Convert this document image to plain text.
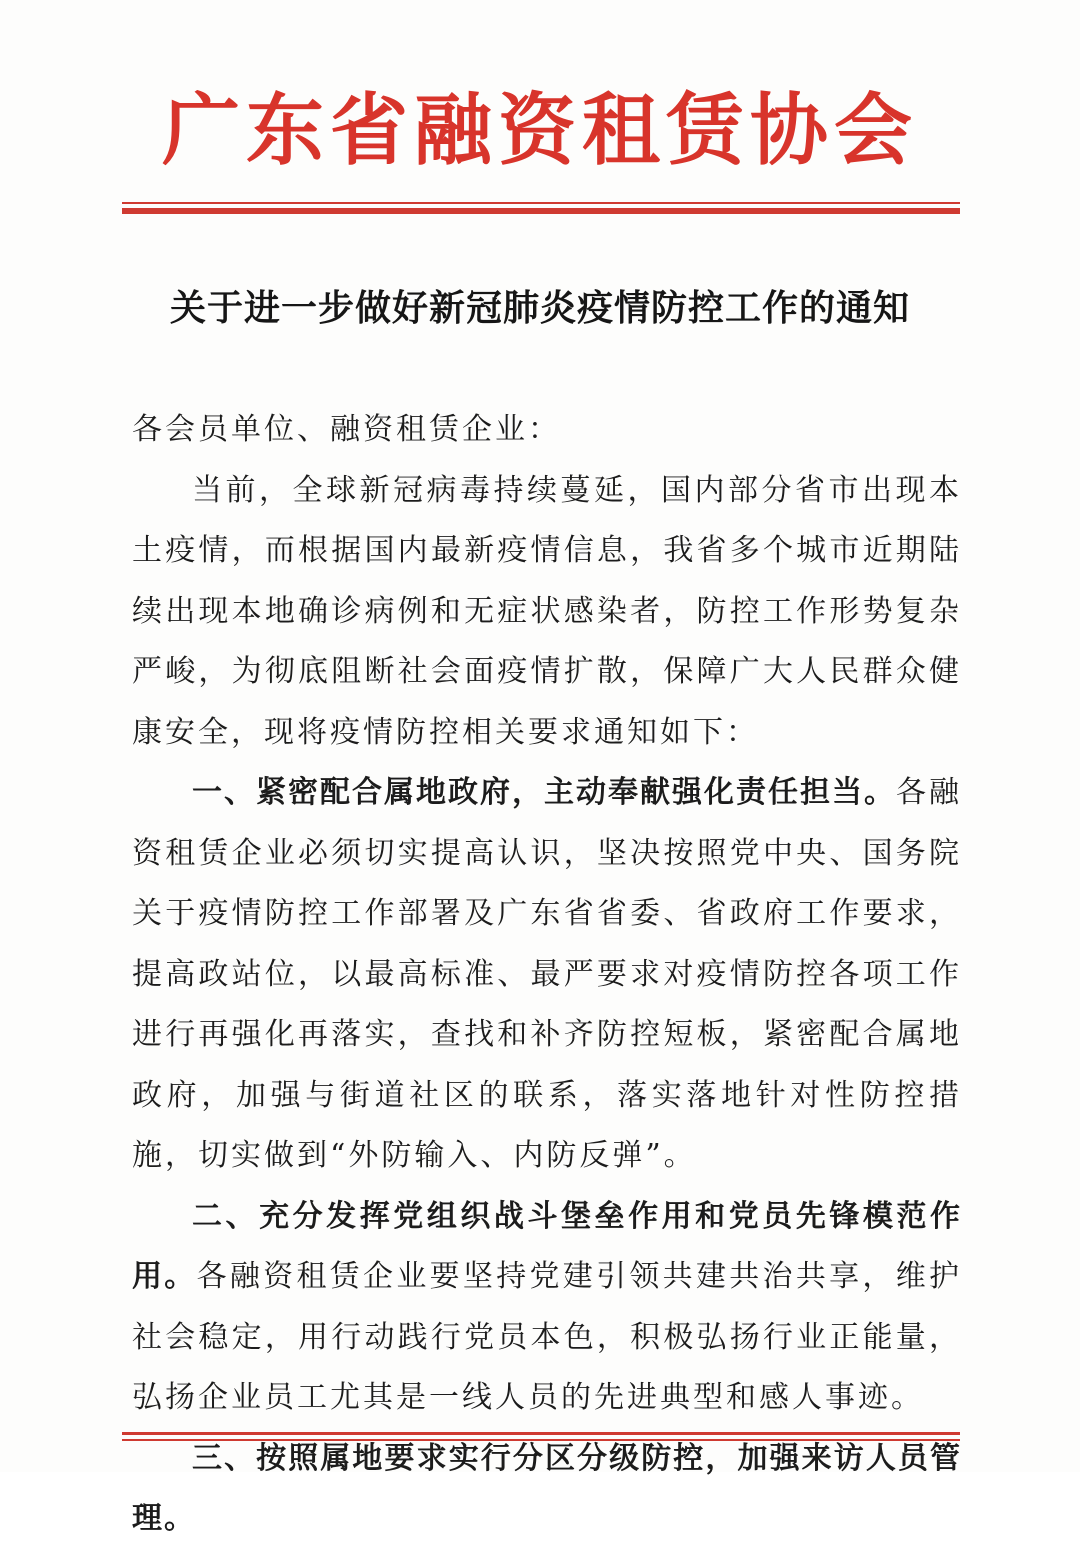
广东省融资租赁协会
关于进一步做好新冠肺炎疫情防控工作的通知

各会员单位、融资租赁企业：

当前，全球新冠病毒持续蔓延，国内部分省市出现本土疫情，而根据国内最新疫情信息，我省多个城市近期陆续出现本地确诊病例和无症状感染者，防控工作形势复杂严峻，为彻底阻断社会面疫情扩散，保障广大人民群众健康安全，现将疫情防控相关要求通知如下：

一、紧密配合属地政府，主动奉献强化责任担当。各融资租赁企业必须切实提高认识，坚决按照党中央、国务院关于疫情防控工作部署及广东省省委、省政府工作要求，提高政站位，以最高标准、最严要求对疫情防控各项工作进行再强化再落实，查找和补齐防控短板，紧密配合属地政府，加强与街道社区的联系，落实落地针对性防控措施，切实做到“外防输入、内防反弹”。

二、充分发挥党组织战斗堡垒作用和党员先锋模范作用。各融资租赁企业要坚持党建引领共建共治共享，维护社会稳定，用行动践行党员本色，积极弘扬行业正能量，弘扬企业员工尤其是一线人员的先进典型和感人事迹。

三、按照属地要求实行分区分级防控，加强来访人员管理。
